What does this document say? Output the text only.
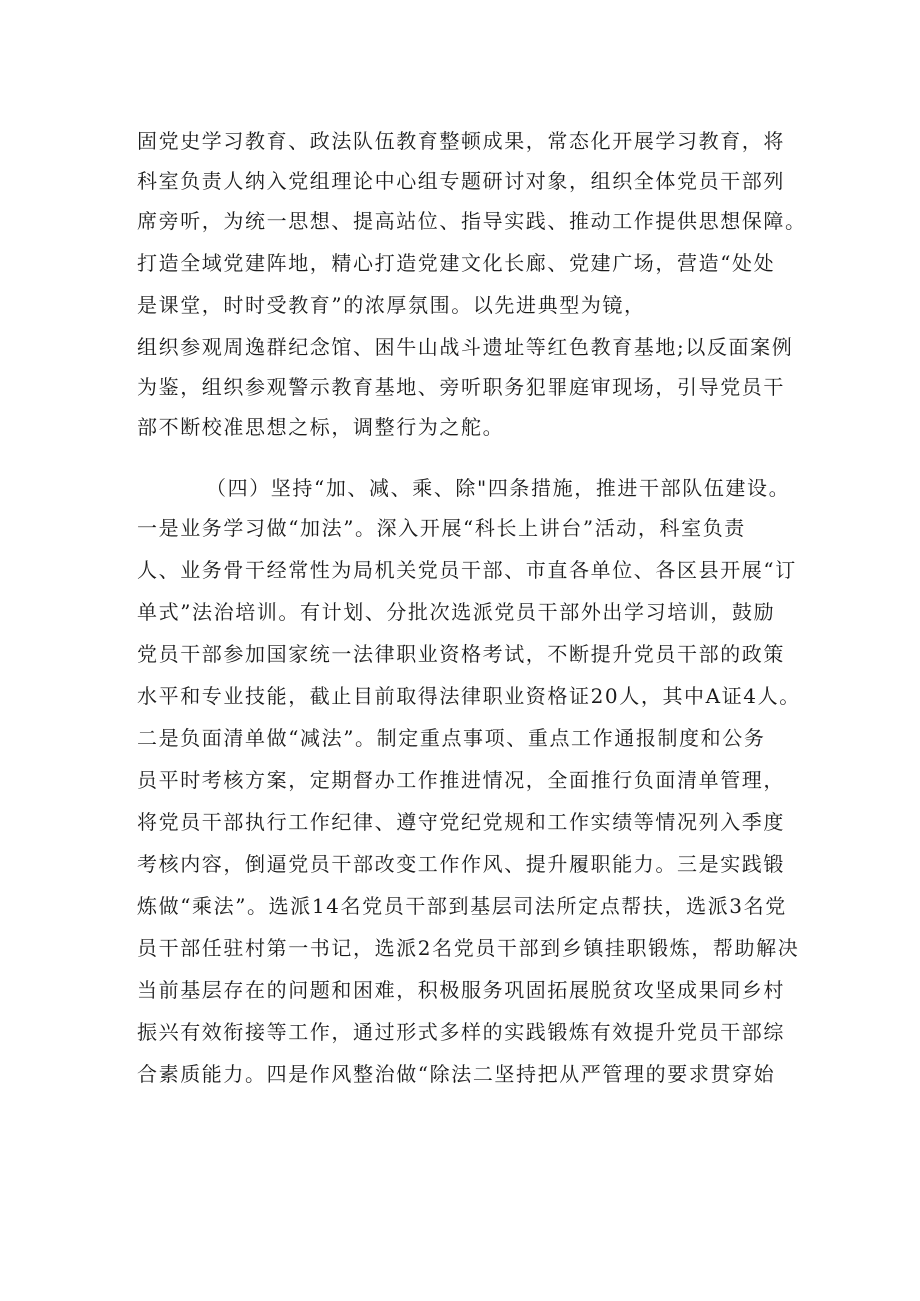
固党史学习教育、政法队伍教育整顿成果，常态化开展学习教育，将
科室负责人纳入党组理论中心组专题研讨对象，组织全体党员干部列
席旁听，为统一思想、提高站位、指导实践、推动工作提供思想保障。
打造全域党建阵地，精心打造党建文化长廊、党建广场，营造“处处
是课堂，时时受教育”的浓厚氛围。以先进典型为镜，
组织参观周逸群纪念馆、困牛山战斗遗址等红色教育基地;以反面案例
为鉴，组织参观警示教育基地、旁听职务犯罪庭审现场，引导党员干
部不断校准思想之标，调整行为之舵。
（四）坚持“加、减、乘、除"四条措施，推进干部队伍建设。
一是业务学习做“加法”。深入开展“科长上讲台”活动，科室负责
人、业务骨干经常性为局机关党员干部、市直各单位、各区县开展“订
单式”法治培训。有计划、分批次选派党员干部外出学习培训，鼓励
党员干部参加国家统一法律职业资格考试，不断提升党员干部的政策
水平和专业技能，截止目前取得法律职业资格证20人，其中A证4人。
二是负面清单做“减法”。制定重点事项、重点工作通报制度和公务
员平时考核方案，定期督办工作推进情况，全面推行负面清单管理，
将党员干部执行工作纪律、遵守党纪党规和工作实绩等情况列入季度
考核内容，倒逼党员干部改变工作作风、提升履职能力。三是实践锻
炼做“乘法”。选派14名党员干部到基层司法所定点帮扶，选派3名党
员干部任驻村第一书记，选派2名党员干部到乡镇挂职锻炼，帮助解决
当前基层存在的问题和困难，积极服务巩固拓展脱贫攻坚成果同乡村
振兴有效衔接等工作，通过形式多样的实践锻炼有效提升党员干部综
合素质能力。四是作风整治做“除法二坚持把从严管理的要求贯穿始
